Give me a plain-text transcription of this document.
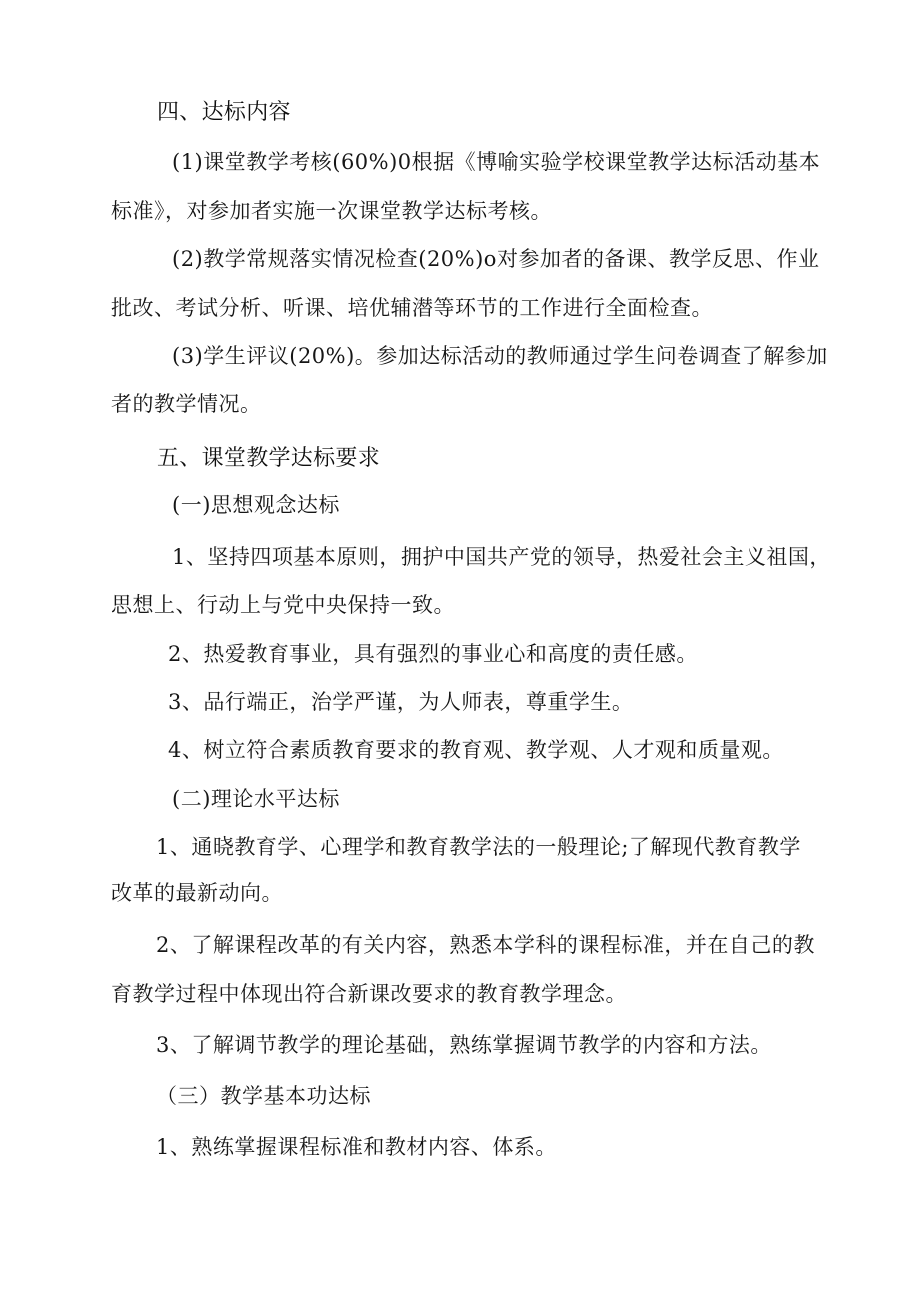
四、达标内容
(1)课堂教学考核(60%)0根据《博喻实验学校课堂教学达标活动基本
标准》，对参加者实施一次课堂教学达标考核。
(2)教学常规落实情况检查(20%)o对参加者的备课、教学反思、作业
批改、考试分析、听课、培优辅潜等环节的工作进行全面检查。
(3)学生评议(20%)。参加达标活动的教师通过学生问卷调查了解参加
者的教学情况。
五、课堂教学达标要求
(一)思想观念达标
1、坚持四项基本原则，拥护中国共产党的领导，热爱社会主义祖国，
思想上、行动上与党中央保持一致。
2、热爱教育事业，具有强烈的事业心和高度的责任感。
3、品行端正，治学严谨，为人师表，尊重学生。
4、树立符合素质教育要求的教育观、教学观、人才观和质量观。
(二)理论水平达标
1、通晓教育学、心理学和教育教学法的一般理论;了解现代教育教学
改革的最新动向。
2、了解课程改革的有关内容，熟悉本学科的课程标准，并在自己的教
育教学过程中体现出符合新课改要求的教育教学理念。
3、了解调节教学的理论基础，熟练掌握调节教学的内容和方法。
（三）教学基本功达标
1、熟练掌握课程标准和教材内容、体系。
